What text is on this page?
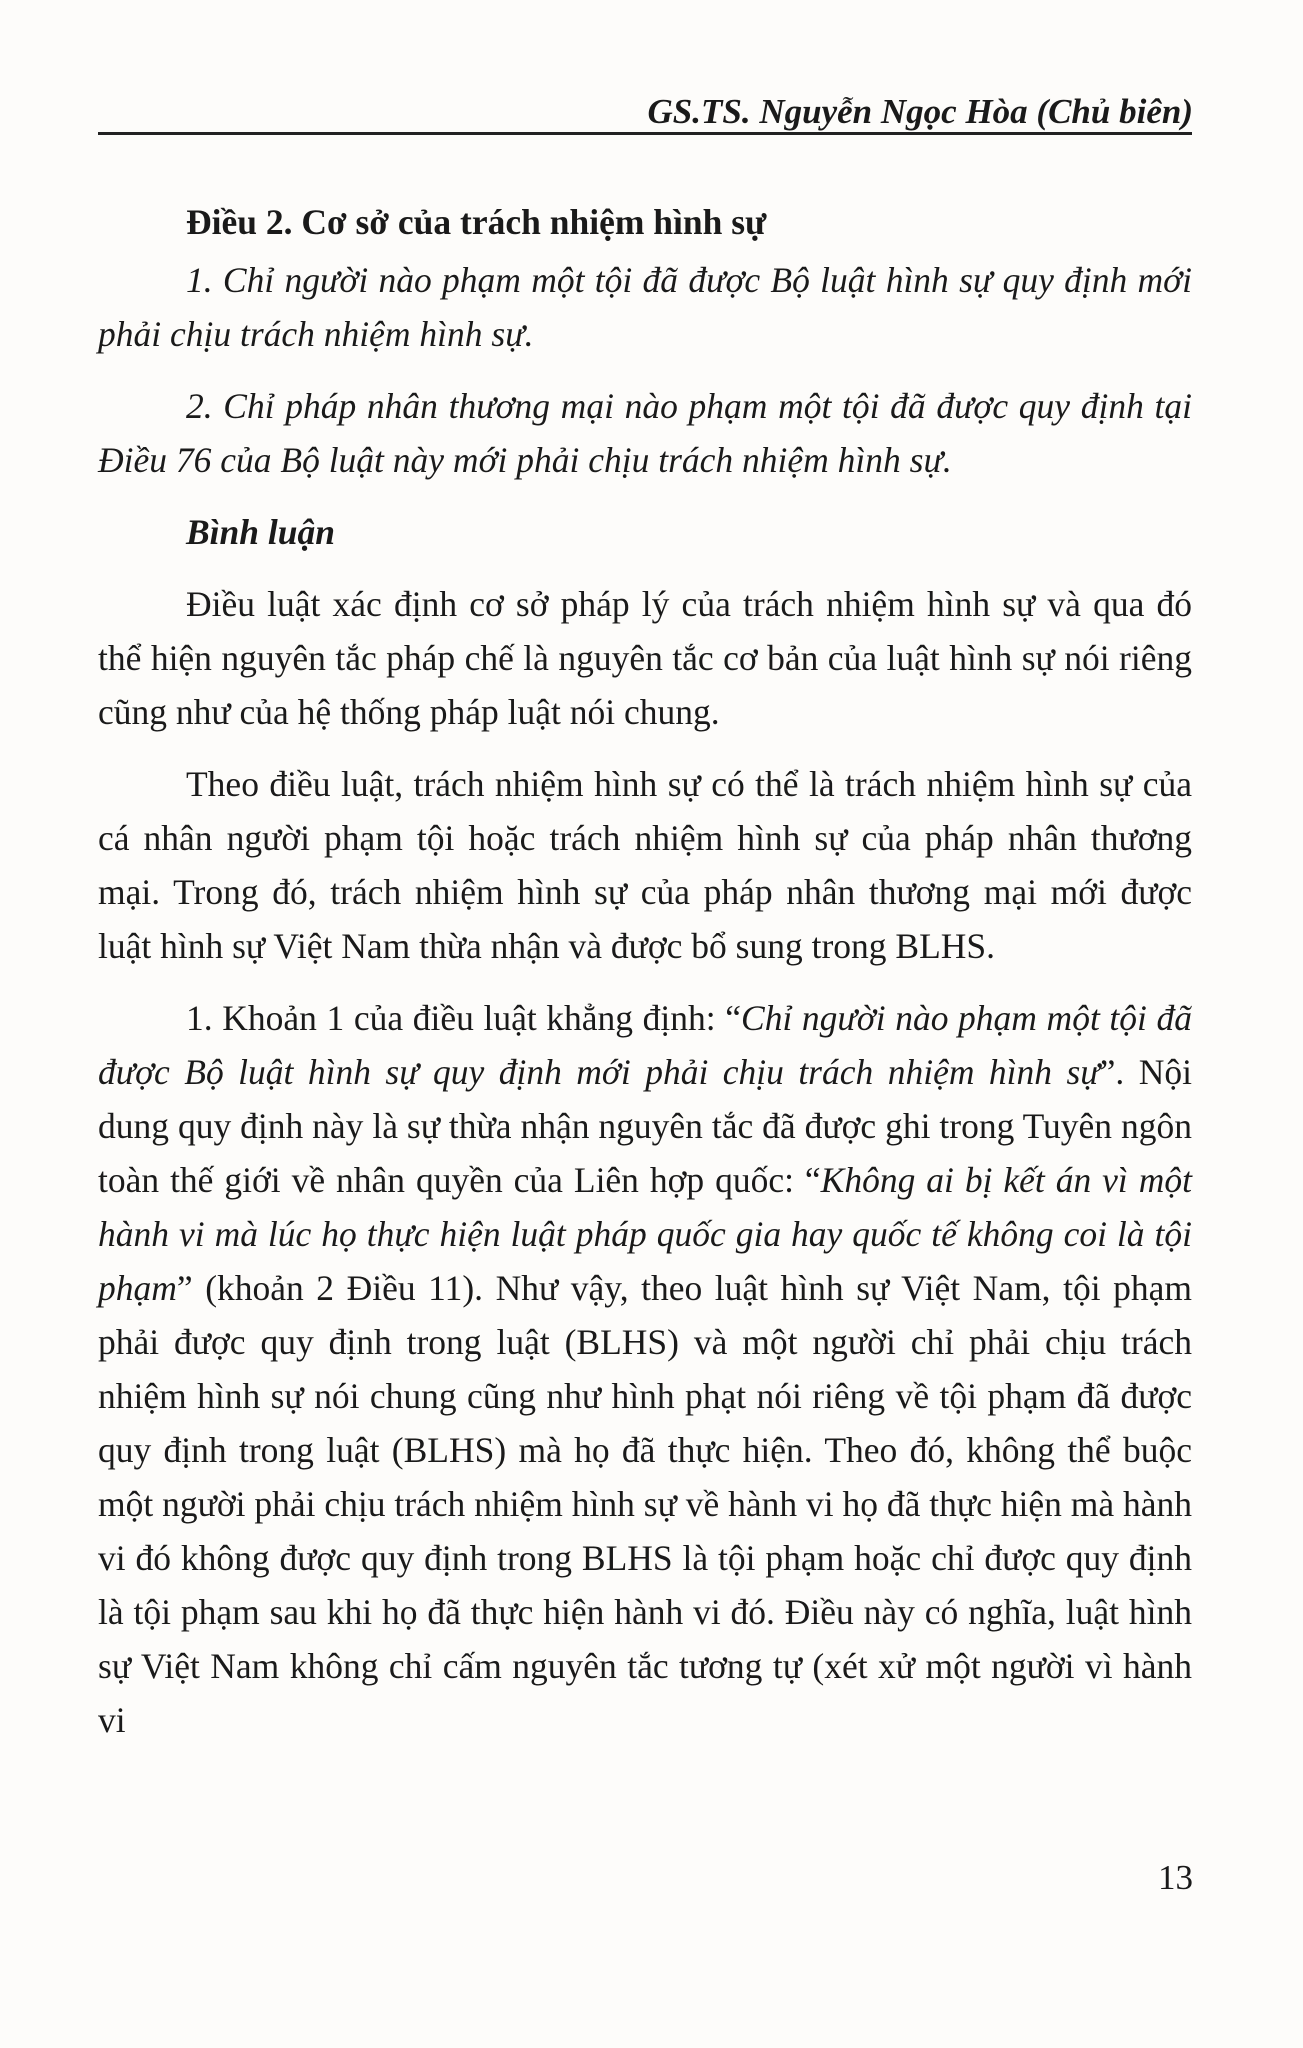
GS.TS. Nguyễn Ngọc Hòa (Chủ biên)

Điều 2. Cơ sở của trách nhiệm hình sự

1. Chỉ người nào phạm một tội đã được Bộ luật hình sự quy định mới phải chịu trách nhiệm hình sự.

2. Chỉ pháp nhân thương mại nào phạm một tội đã được quy định tại Điều 76 của Bộ luật này mới phải chịu trách nhiệm hình sự.

Bình luận

Điều luật xác định cơ sở pháp lý của trách nhiệm hình sự và qua đó thể hiện nguyên tắc pháp chế là nguyên tắc cơ bản của luật hình sự nói riêng cũng như của hệ thống pháp luật nói chung.

Theo điều luật, trách nhiệm hình sự có thể là trách nhiệm hình sự của cá nhân người phạm tội hoặc trách nhiệm hình sự của pháp nhân thương mại. Trong đó, trách nhiệm hình sự của pháp nhân thương mại mới được luật hình sự Việt Nam thừa nhận và được bổ sung trong BLHS.

1. Khoản 1 của điều luật khẳng định: “Chỉ người nào phạm một tội đã được Bộ luật hình sự quy định mới phải chịu trách nhiệm hình sự”. Nội dung quy định này là sự thừa nhận nguyên tắc đã được ghi trong Tuyên ngôn toàn thế giới về nhân quyền của Liên hợp quốc: “Không ai bị kết án vì một hành vi mà lúc họ thực hiện luật pháp quốc gia hay quốc tế không coi là tội phạm” (khoản 2 Điều 11). Như vậy, theo luật hình sự Việt Nam, tội phạm phải được quy định trong luật (BLHS) và một người chỉ phải chịu trách nhiệm hình sự nói chung cũng như hình phạt nói riêng về tội phạm đã được quy định trong luật (BLHS) mà họ đã thực hiện. Theo đó, không thể buộc một người phải chịu trách nhiệm hình sự về hành vi họ đã thực hiện mà hành vi đó không được quy định trong BLHS là tội phạm hoặc chỉ được quy định là tội phạm sau khi họ đã thực hiện hành vi đó. Điều này có nghĩa, luật hình sự Việt Nam không chỉ cấm nguyên tắc tương tự (xét xử một người vì hành vi

13
